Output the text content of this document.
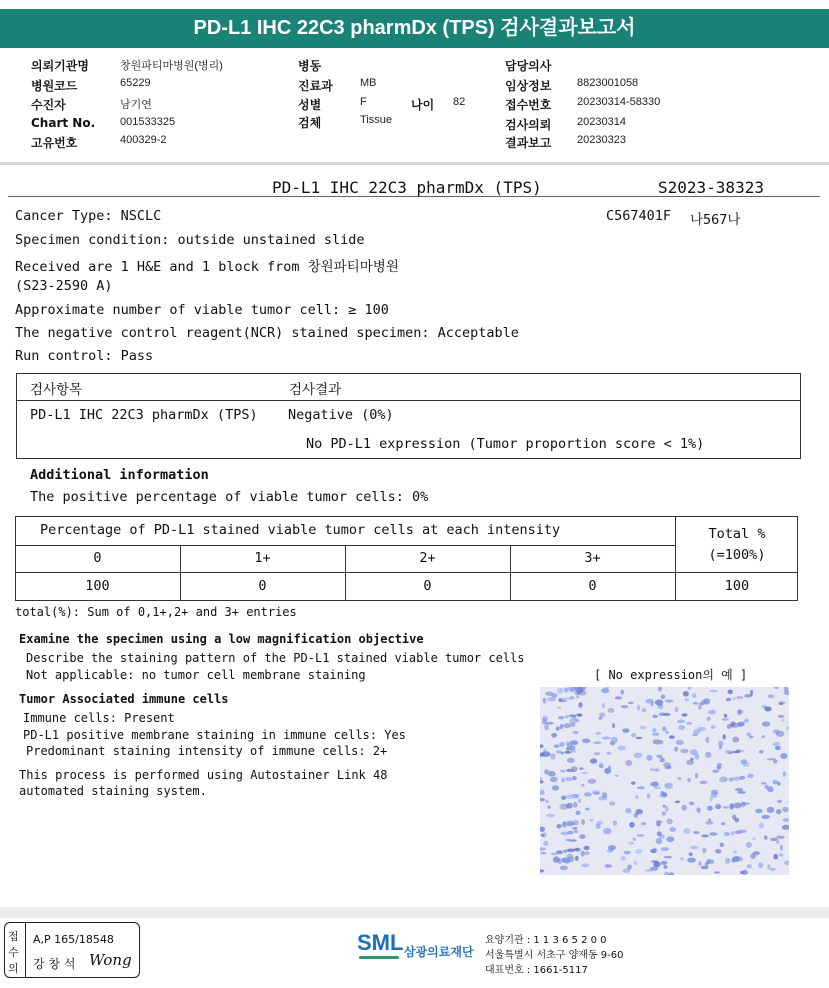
PD-L1 IHC 22C3 pharmDx (TPS) 검사결과보고서
의뢰기관명	창원파티마병원(병리)
병원코드	65229
수진자	남기연
Chart No. 001533325
고유번호	400329-2
병동
진료과 MB
성별	F	나이 82
검체	Tissue
담당의사
임상정보 8823001058
접수번호 20230314-58330
검사의뢰 20230314
결과보고 20230323
PD-L1 IHC 22C3 pharmDx (TPS)	S2023-38323
Cancer Type: NSCLC	C567401F 나567나
Specimen condition: outside unstained slide
Received are 1 H&E and 1 block from 창원파티마병원
(S23-2590 A)
Approximate number of viable tumor cell: ≥ 100
The negative control reagent(NCR) stained specimen: Acceptable
Run control: Pass
검사항목	검사결과
PD-L1 IHC 22C3 pharmDx (TPS) Negative (0%)
No PD-L1 expression (Tumor proportion score < 1%)
Additional information
The positive percentage of viable tumor cells: 0%
Percentage of PD-L1 stained viable tumor cells at each intensity	Total %
(=100%)
0	1+	2+	3+
100	0	0	0	100
total(%): Sum of 0,1+,2+ and 3+ entries
Examine the specimen using a low magnification objective
Describe the staining pattern of the PD-L1 stained viable tumor cells
Not applicable: no tumor cell membrane staining	[ No expression의 예 ]
Tumor Associated immune cells
Immune cells: Present
PD-L1 positive membrane staining in immune cells: Yes
Predominant staining intensity of immune cells: 2+
This process is performed using Autostainer Link 48
automated staining system.
접
수
의
A,P 165/18548
강 창 석 Wong
SML 삼광의료재단
요양기관 : 1 1 3 6 5 2 0 0
서울특별시 서초구 양재동 9-60
대표번호 : 1661-5117
